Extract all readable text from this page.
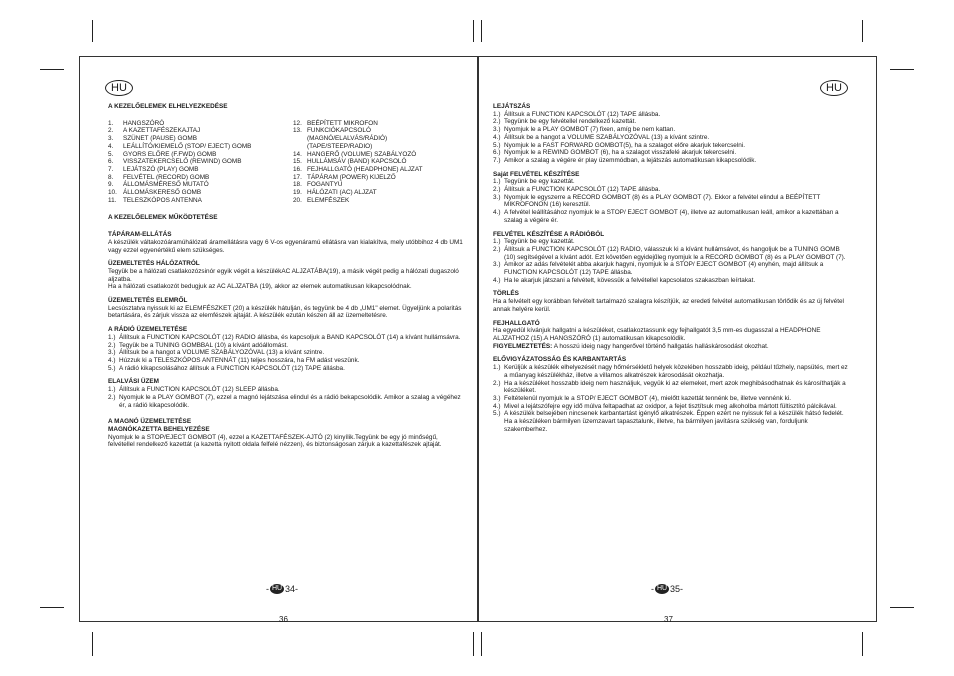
HU	HU

A KEZELŐELEMEK ELHELYEZKEDÉSE

1.	HANGSZÓRÓ
2.	A KAZETTAFÉSZEKAJTAJ
3.	SZÜNET (PAUSE) GOMB
4.	LEÁLLÍTÓ/KIEMELŐ (STOP/ EJECT) GOMB
5.	GYORS ELŐRE (F.FWD) GOMB
6.	VISSZATEKERCSELŐ (REWIND) GOMB
7.	LEJÁTSZÓ (PLAY) GOMB
8.	FELVÉTEL (RECORD) GOMB
9.	ÁLLOMÁSMÉRESŐ MUTATÓ
10. ÁLLOMÁSKERESŐ GOMB
11.	TELESZKÓPOS ANTENNA
12. BEÉPÍTETT MIKROFON
13. FUNKCIÓKAPCSOLÓ
(MAGNÓ/ELALVÁS/RÁDIÓ)
(TAPE/STEEP/RADIO)
14. HANGERŐ (VOLUME) SZABÁLYOZÓ
15. HULLÁMSÁV (BAND) KAPCSOLÓ
16. FEJHALLGATÓ (HEADPHONE) ALJZAT
17. TÁPÁRAM (POWER) KIJELZŐ
18. FOGANTYÚ
19. HÁLÓZATI (AC) ALJZAT
20. ELEMFÉSZEK

A KEZELŐELEMEK MŰKÖDTETÉSE

TÁPÁRAM-ELLÁTÁS

A készülék váltakozóáramúhálózati áramellátásra vagy 6 V-os egyenáramú ellátásra van kialakítva, mely utóbbihoz 4 db UM1 vagy ezzel egyenértékű elem szükséges.

ÜZEMELTETÉS HÁLÓZATRÓL

Tegyük be a hálózati csatlakozózsinór egyik végét a készülékAC ALJZATÁBA(19), a másik végét pedig a hálózati dugaszoló aljzatba.

Ha a hálózati csatlakozót bedugjuk az AC ALJZATBA (19), akkor az elemek automatikusan kikapcsolódnak.

ÜZEMELTETÉS ELEMRŐL

Lecsúsztatva nyissuk ki az ELEMFÉSZKET (20) a készülék hátulján, és tegyünk be 4 db „UM1" elemet. Ügyeljünk a polaritás betartására, és zárjuk vissza az elemfészek ajtaját. A készülék ezután készen áll az üzemeltetésre.

A RÁDIÓ ÜZEMELTETÉSE

1.) Állítsuk a FUNCTION KAPCSOLÓT (12) RADIO állásba, és kapcsoljuk a BAND KAPCSOLÓT (14) a kívánt hullámsávra.
2.) Tegyük be a TUNING GOMBBAL (10) a kívánt adóállomást.
3.) Állítsuk be a hangot a VOLUME SZABÁLYOZÓVAL (13) a kívánt szintre.
4.) Húzzuk ki a TELESZKÓPOS ANTENNÁT (11) teljes hosszára, ha FM adást veszünk.
5.) A rádió kikapcsolásához állítsuk a FUNCTION KAPCSOLÓT (12) TAPE állásba.

ELALVÁSI ÜZEM

1.) Állítsuk a FUNCTION KAPCSOLÓT (12) SLEEP állásba.
2.) Nyomjuk le a PLAY GOMBOT (7), ezzel a magnó lejátszása elindul és a rádió bekapcsolódik. Amikor a szalag a végéhez ér, a rádió kikapcsolódik.

A MAGNÓ ÜZEMELTETÉSE

MAGNÓKAZETTA BEHELYEZÉSE

Nyomjuk le a STOP/EJECT GOMBOT (4), ezzel a KAZETTAFÉSZEK-AJTÓ (2) kinyílik.Tegyünk be egy jó minőségű, felvétellel rendelkező kazettát (a kazetta nyitott oldala felfelé nézzen), és biztonságosan zárjuk a kazettafészek ajtaját.

- HU 34-
36

LEJÁTSZÁS

1.) Állítsuk a FUNCTION KAPCSOLÓT (12) TAPE állásba.
2.) Tegyünk be egy felvétellel rendelkező kazettát.
3.) Nyomjuk le a PLAY GOMBOT (7) fixen, amíg be nem kattan.
4.) Állítsuk be a hangot a VOLUME SZABÁLYOZÓVAL (13) a kívánt szintre.
5.) Nyomjuk le a FAST FORWARD GOMBOT(5), ha a szalagot előre akarjuk tekercselni.
6.) Nyomjuk le a REWIND GOMBOT (6), ha a szalagot visszafelé akarjuk tekercselni.
7.) Amikor a szalag a végére ér play üzemmódban, a lejátszás automatikusan kikapcsolódik.

Saját FELVÉTEL KÉSZÍTÉSE

1.) Tegyünk be egy kazettát.
2.) Állítsuk a FUNCTION KAPCSOLÓT (12) TAPE állásba.
3.) Nyomjuk le egyszerre a RECORD GOMBOT (8) és a PLAY GOMBOT (7). Ekkor a felvétel elindul a BEÉPÍTETT MIKROFONON (16) keresztül.
4.) A felvétel leállításához nyomjuk le a STOP/ EJECT GOMBOT (4), illetve az automatikusan leáll, amikor a kazettában a szalag a végére ér.

FELVÉTEL KÉSZÍTÉSE A RÁDIÓBÓL

1.) Tegyünk be egy kazettát.
2.) Állítsuk a FUNCTION KAPCSOLÓT (12) RADIO, válasszuk ki a kívánt hullámsávot, és hangoljuk be a TUNING GOMB (10) segítségével a kívánt adót. Ezt követően egyidejűleg nyomjuk le a RECORD GOMBOT (8) és a PLAY GOMBOT (7).
3.) Amikor az adás felvételét abba akarjuk hagyni, nyomjuk le a STOP/ EJECT GOMBOT (4) enyhén, majd állítsuk a FUNCTION KAPCSOLÓT (12) TAPE állásba.
4.) Ha le akarjuk játszani a felvételt, kövessük a felvétellel kapcsolatos szakaszban leírtakat.

TÖRLÉS

Ha a felvételt egy korábban felvételt tartalmazó szalagra készítjük, az eredeti felvétel automatikusan törlődik és az új felvétel annak helyére kerül.

FEJHALLGATÓ

Ha egyedül kívánjuk hallgatni a készüléket, csatlakoztassunk egy fejhallgatót 3,5 mm-es dugasszal a HEADPHONE ALJZATHOZ (15).A HANGSZÓRÓ (1) automatikusan kikapcsolódik.

FIGYELMEZTETÉS: A hosszú ideig nagy hangerővel történő hallgatás halláskárosodást okozhat.

ELŐVIGYÁZATOSSÁG ÉS KARBANTARTÁS

1.) Kerüljük a készülék elhelyezését nagy hőmérsékletű helyek közelében hosszabb ideig, például tűzhely, napsütés, mert ez a műanyag készülékház, illetve a villamos alkatrészek károsodását okozhatja.
2.) Ha a készüléket hosszabb ideig nem használjuk, vegyük ki az elemeket, mert azok meghibásodhatnak és károsíthatják a készüléket.
3.) Feltételenül nyomjuk le a STOP/ EJECT GOMBOT (4), mielőtt kazettát tennénk be, illetve vennénk ki.
4.) Mivel a lejátszófejre egy idő múlva feltapadhat az oxidpor, a fejet tisztítsuk meg alkoholba mártott fültisztító pálcikával.
5.) A készülék belsejében nincsenek karbantartást igénylő alkatrészek. Éppen ezért ne nyissuk fel a készülék hátsó fedelét. Ha a készüléken bármilyen üzemzavart tapasztalunk, illetve, ha bármilyen javításra szükség van, forduljunk szakemberhez.
- HU 35-
37
